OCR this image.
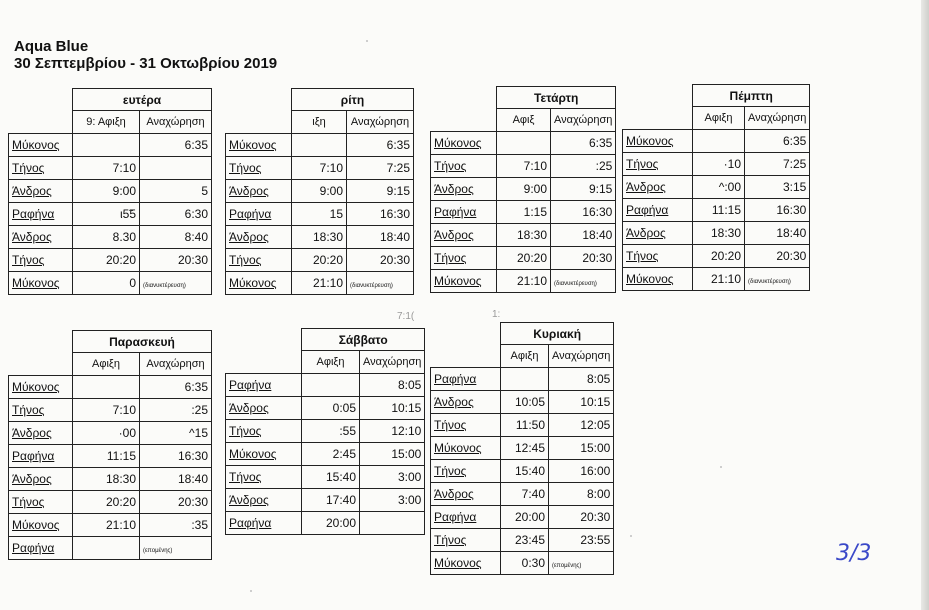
Aqua Blue
30 Σεπτεμβρίου - 31 Οκτωβρίου 2019
	ευτέρα	
	9: Αφιξη	Αναχώρηση
Μύκονος		6:35
Τήνος	7:10	
Άνδρος	9:00	5
Ραφήνα	ι5̃5	6:30
Άνδρος	8.30	8:40
Τήνος	20:20	20:30
Μύκονος	0	(διανυκτέρευση)
	ρίτη	
	ιξη	Αναχώρηση
Μύκονος		6:35
Τήνος	7:10	7:25
Άνδρος	9:00	9:15
Ραφήνα	15	16:30
Άνδρος	18:30	18:40
Τήνος	20:20	20:30
Μύκονος	21:10	(διανυκτέρευση)
	Τετάρτη	
	Αφιξ	Αναχώρηση
Μύκονος		6:35
Τήνος	7:10	:25
Άνδρος	9:00	9:15
Ραφήνα	1:15	16:30
Άνδρος	18:30	18:40
Τήνος	20:20	20:30
Μύκονος	21:10	(διανυκτέρευση)
	Πέμπτη	
	Αφιξη	Αναχώρηση
Μύκονος		6:35
Τήνος	·10	7:25
Άνδρος	^:00	3:15
Ραφήνα	11:15	16:30
Άνδρος	18:30	18:40
Τήνος	20:20	20:30
Μύκονος	21:10	(διανυκτέρευση)
	Παρασκευή	
	Αφιξη	Αναχώρηση
Μύκονος		6:35
Τήνος	7:10	:25
Άνδρος	·00	^15
Ραφήνα	11:15	16:30
Άνδρος	18:30	18:40
Τήνος	20:20	20:30
Μύκονος	21:10	:35
Ραφήνα		(επομένης)
	Σάββατο	
	Αφιξη	Αναχώρηση
Ραφήνα		8:05
Άνδρος	0:05	10:15
Τήνος	:55	12:10
Μύκονος	2:45	15:00
Τήνος	15:40	3:00
Άνδρος	17:40	3:00
Ραφήνα	20:00	
	Κυριακή	
	Αφιξη	Αναχώρηση
Ραφήνα		8:05
Άνδρος	10:05	10:15
Τήνος	11:50	12:05
Μύκονος	12:45	15:00
Τήνος	15:40	16:00
Άνδρος	7:40	8:00
Ραφήνα	20:00	20:30
Τήνος	23:45	23:55
Μύκονος	0:30	(επομένης)
7:1(	1:
3/3
